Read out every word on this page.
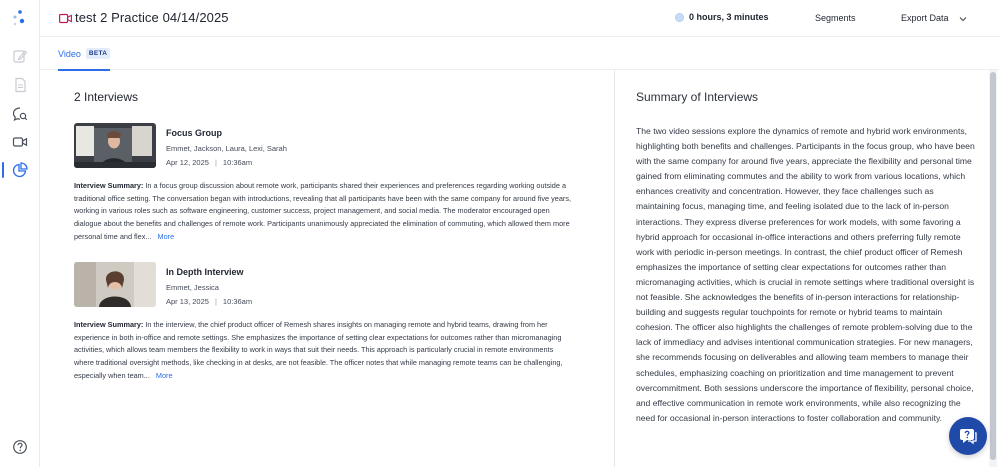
test 2 Practice 04/14/2025	0 hours, 3 minutes	Segments	Export Data
Video	BETA
2 Interviews
Focus Group
Emmet, Jackson, Laura, Lexi, Sarah
Apr 12, 2025 | 10:36am
Interview Summary: In a focus group discussion about remote work, participants shared their experiences and preferences regarding working outside a traditional office setting. The conversation began with introductions, revealing that all participants have been with the same company for around five years, working in various roles such as software engineering, customer success, project management, and social media. The moderator encouraged open dialogue about the benefits and challenges of remote work. Participants unanimously appreciated the elimination of commuting, which allowed them more personal time and flex... More
In Depth Interview
Emmet, Jessica
Apr 13, 2025 | 10:36am
Interview Summary: In the interview, the chief product officer of Remesh shares insights on managing remote and hybrid teams, drawing from her experience in both in-office and remote settings. She emphasizes the importance of setting clear expectations for outcomes rather than micromanaging activities, which allows team members the flexibility to work in ways that suit their needs. This approach is particularly crucial in remote environments where traditional oversight methods, like checking in at desks, are not feasible. The officer notes that while managing remote teams can be challenging, especially when team... More
Summary of Interviews
The two video sessions explore the dynamics of remote and hybrid work environments, highlighting both benefits and challenges. Participants in the focus group, who have been with the same company for around five years, appreciate the flexibility and personal time gained from eliminating commutes and the ability to work from various locations, which enhances creativity and concentration. However, they face challenges such as maintaining focus, managing time, and feeling isolated due to the lack of in-person interactions. They express diverse preferences for work models, with some favoring a hybrid approach for occasional in-office interactions and others preferring fully remote work with periodic in-person meetings. In contrast, the chief product officer of Remesh emphasizes the importance of setting clear expectations for outcomes rather than micromanaging activities, which is crucial in remote settings where traditional oversight is not feasible. She acknowledges the benefits of in-person interactions for relationship-building and suggests regular touchpoints for remote or hybrid teams to maintain cohesion. The officer also highlights the challenges of remote problem-solving due to the lack of immediacy and advises intentional communication strategies. For new managers, she recommends focusing on deliverables and allowing team members to manage their schedules, emphasizing coaching on prioritization and time management to prevent overcommitment. Both sessions underscore the importance of flexibility, personal choice, and effective communication in remote work environments, while also recognizing the need for occasional in-person interactions to foster collaboration and community.
